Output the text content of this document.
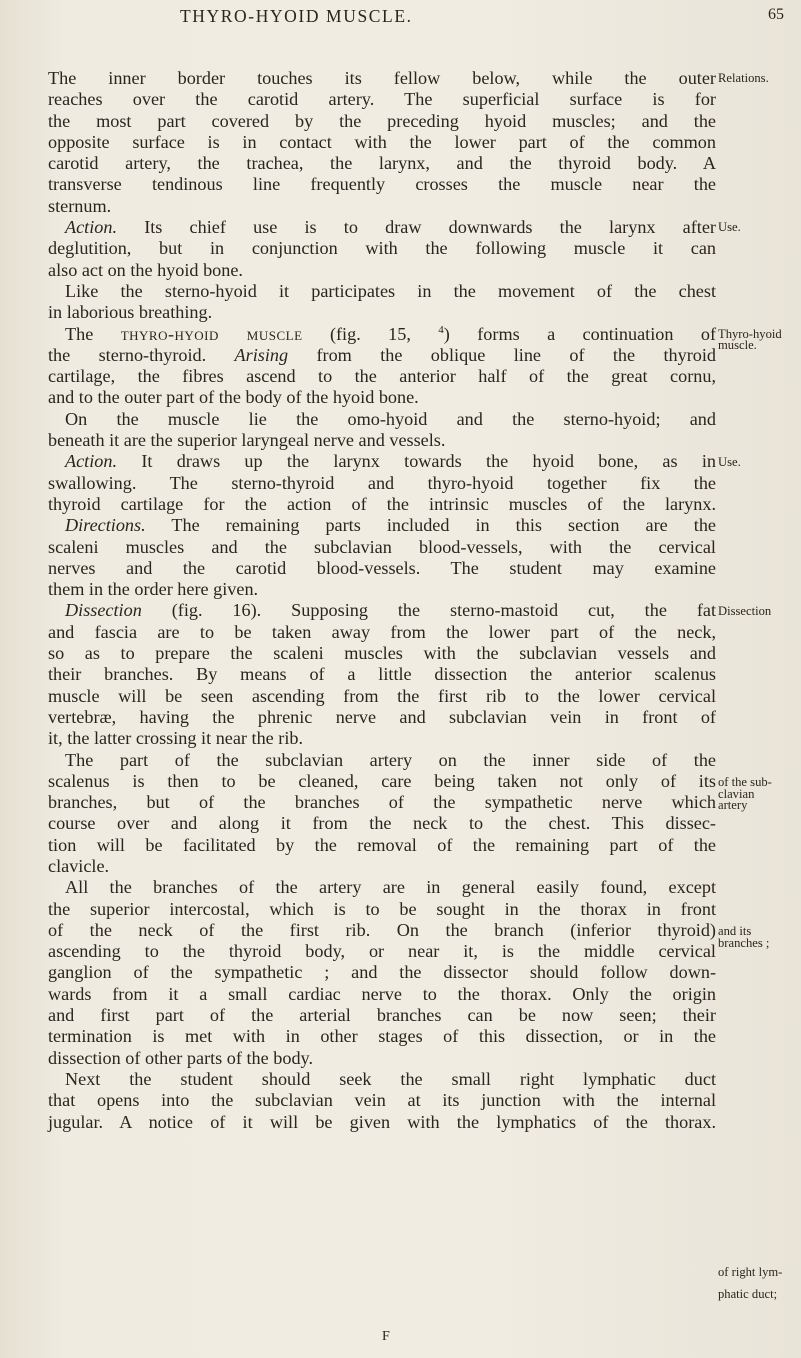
THYRO-HYOID MUSCLE.	65
The inner border touches its fellow below, while the outer
reaches over the carotid artery. The superficial surface is for
the most part covered by the preceding hyoid muscles; and the
opposite surface is in contact with the lower part of the common
carotid artery, the trachea, the larynx, and the thyroid body. A
transverse tendinous line frequently crosses the muscle near the
sternum.
Action. Its chief use is to draw downwards the larynx after
deglutition, but in conjunction with the following muscle it can
also act on the hyoid bone.
Like the sterno-hyoid it participates in the movement of the chest
in laborious breathing.
The thyro-hyoid muscle (fig. 15, $^4$) forms a continuation of
the sterno-thyroid. Arising from the oblique line of the thyroid
cartilage, the fibres ascend to the anterior half of the great cornu,
and to the outer part of the body of the hyoid bone.
On the muscle lie the omo-hyoid and the sterno-hyoid; and
beneath it are the superior laryngeal nerve and vessels.
Action. It draws up the larynx towards the hyoid bone, as in
swallowing. The sterno-thyroid and thyro-hyoid together fix the
thyroid cartilage for the action of the intrinsic muscles of the larynx.
Directions. The remaining parts included in this section are the
scaleni muscles and the subclavian blood-vessels, with the cervical
nerves and the carotid blood-vessels. The student may examine
them in the order here given.
Dissection (fig. 16). Supposing the sterno-mastoid cut, the fat
and fascia are to be taken away from the lower part of the neck,
so as to prepare the scaleni muscles with the subclavian vessels and
their branches. By means of a little dissection the anterior scalenus
muscle will be seen ascending from the first rib to the lower cervical
vertebræ, having the phrenic nerve and subclavian vein in front of
it, the latter crossing it near the rib.
The part of the subclavian artery on the inner side of the
scalenus is then to be cleaned, care being taken not only of its
branches, but of the branches of the sympathetic nerve which
course over and along it from the neck to the chest. This dissec-
tion will be facilitated by the removal of the remaining part of the
clavicle.
All the branches of the artery are in general easily found, except
the superior intercostal, which is to be sought in the thorax in front
of the neck of the first rib. On the branch (inferior thyroid)
ascending to the thyroid body, or near it, is the middle cervical
ganglion of the sympathetic ; and the dissector should follow down-
wards from it a small cardiac nerve to the thorax. Only the origin
and first part of the arterial branches can be now seen; their
termination is met with in other stages of this dissection, or in the
dissection of other parts of the body.
Next the student should seek the small right lymphatic duct
that opens into the subclavian vein at its junction with the internal
jugular. A notice of it will be given with the lymphatics of the thorax.
Relations.
Use.
Thyro-hyoid
muscle.
Use.
Dissection
of the sub-
clavian
artery
and its
branches ;
of right lym-
phatic duct;
F
